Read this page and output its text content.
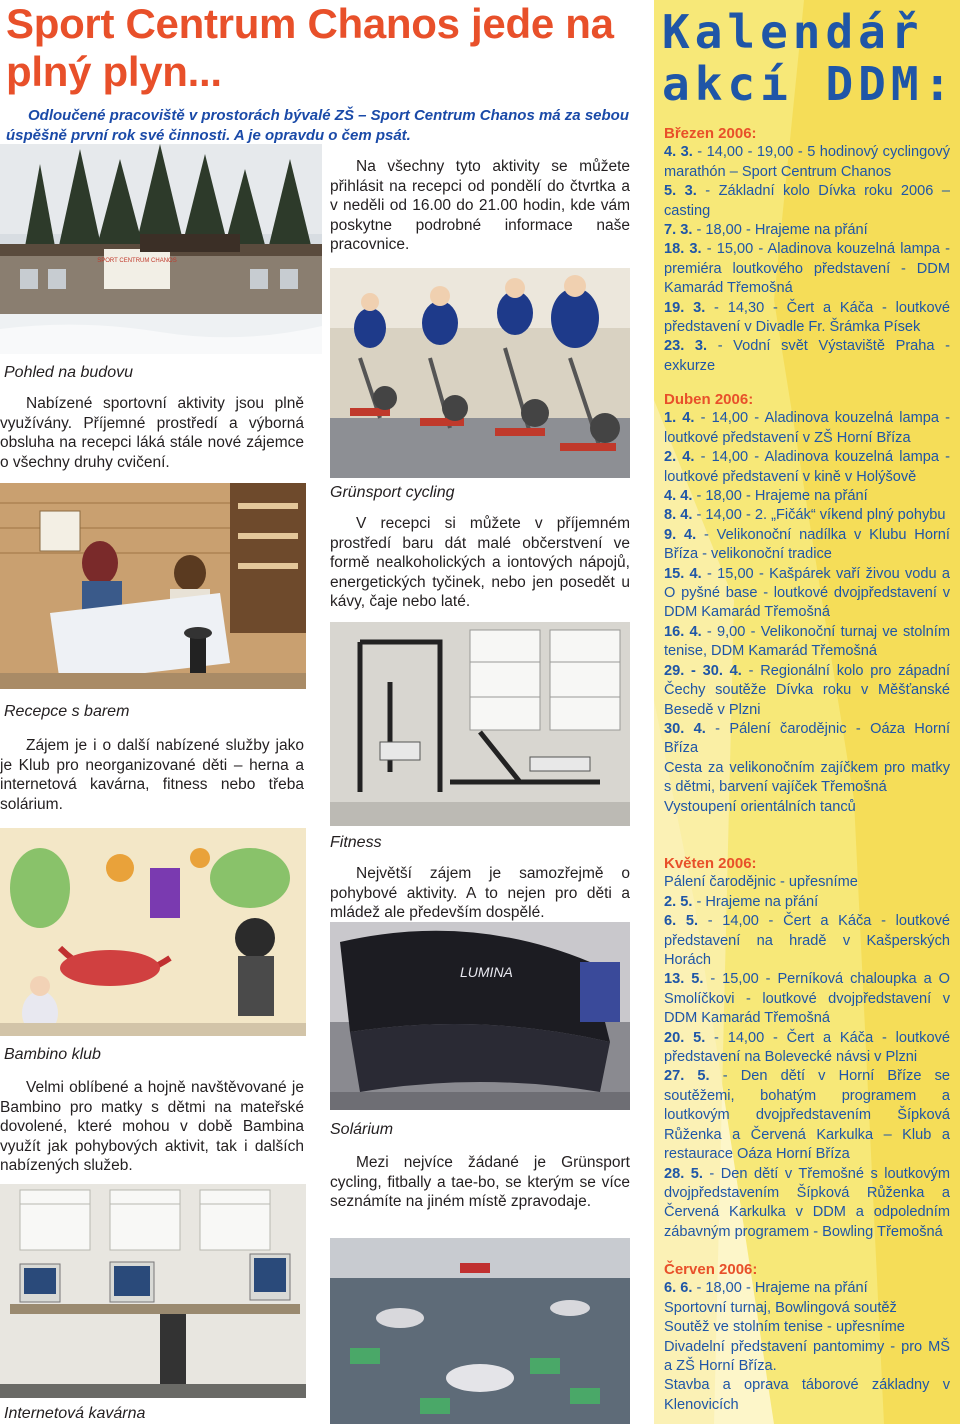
Sport Centrum Chanos jede na plný plyn...

Odloučené pracoviště v prostorách bývalé ZŠ – Sport Centrum Chanos má za sebou úspěšně první rok své činnosti. A je opravdu o čem psát.

SPORT CENTRUM CHANOS

Pohled na budovu

Nabízené sportovní aktivity jsou plně využívány. Příjemné prostředí a výborná obsluha na recepci láká stále nové zájemce o všechny druhy cvičení.

Recepce s barem

Zájem je i o další nabízené služby jako je Klub pro neorganizované děti – herna a internetová kavárna, fitness nebo třeba solárium.

Bambino klub

Velmi oblíbené a hojně navštěvované je Bambino pro matky s dětmi na mateřské dovolené, které mohou v době Bambina využít jak pohybových aktivit, tak i dalších nabízených služeb.

Internetová kavárna

Na všechny tyto aktivity se můžete přihlásit na recepci od pondělí do čtvrtka a v neděli od 16.00 do 21.00 hodin, kde vám poskytne podrobné informace naše pracovnice.

Grünsport cycling

V recepci si můžete v příjemném prostředí baru dát malé občerstvení ve formě nealkoholických a iontových nápojů, energetických tyčinek, nebo jen posedět u kávy, čaje nebo laté.

Fitness

Největší zájem je samozřejmě o pohybové aktivity. A to nejen pro děti a mládež ale především dospělé.

LUMINA

Solárium

Mezi nejvíce žádané je Grünsport cycling, fitbally a tae-bo, se kterým se více seznámíte na jiném místě zpravodaje.

Kalendář akcí DDM:

Březen 2006:

4. 3. - 14,00 - 19,00 - 5 hodinový cyclingový marathón – Sport Centrum Chanos

5. 3. - Základní kolo Dívka roku 2006 – casting

7. 3. - 18,00 - Hrajeme na přání

18. 3. - 15,00 - Aladinova kouzelná lampa - premiéra loutkového představení - DDM Kamarád Třemošná

19. 3. - 14,30 - Čert a Káča - loutkové představení v Divadle Fr. Šrámka Písek

23. 3. - Vodní svět Výstaviště Praha - exkurze

Duben 2006:

1. 4. - 14,00 - Aladinova kouzelná lampa - loutkové představení v ZŠ Horní Bříza

2. 4. - 14,00 - Aladinova kouzelná lampa - loutkové představení v kině v Holýšově

4. 4. - 18,00 - Hrajeme na přání

8. 4. - 14,00 - 2. „Fičák“ víkend plný pohybu

9. 4. - Velikonoční nadílka v Klubu Horní Bříza - velikonoční tradice

15. 4. - 15,00 - Kašpárek vaří živou vodu a O pyšné base - loutkové dvojpředstavení v DDM Kamarád Třemošná

16. 4. - 9,00 - Velikonoční turnaj ve stolním tenise, DDM Kamarád Třemošná

29. - 30. 4. - Regionální kolo pro západní Čechy soutěže Dívka roku v Měšťanské Besedě v Plzni

30. 4. - Pálení čarodějnic - Oáza Horní Bříza

Cesta za velikonočním zajíčkem pro matky s dětmi, barvení vajíček Třemošná

Vystoupení orientálních tanců

Květen 2006:

Pálení čarodějnic - upřesníme

2. 5. - Hrajeme na přání

6. 5. - 14,00 - Čert a Káča - loutkové představení na hradě v Kašperských Horách

13. 5. - 15,00 - Perníková chaloupka a O Smolíčkovi - loutkové dvojpředstavení v DDM Kamarád Třemošná

20. 5. - 14,00 - Čert a Káča - loutkové představení na Bolevecké návsi v Plzni

27. 5. - Den dětí v Horní Bříze se soutěžemi, bohatým programem a loutkovým dvojpředstavením Šípková Růženka a Červená Karkulka – Klub a restaurace Oáza Horní Bříza

28. 5. - Den dětí v Třemošné s loutkovým dvojpředstavením Šípková Růženka a Červená Karkulka v DDM a odpoledním zábavným programem - Bowling Třemošná

Červen 2006:

6. 6. - 18,00 - Hrajeme na přání

Sportovní turnaj, Bowlingová soutěž

Soutěž ve stolním tenise - upřesníme

Divadelní představení pantomimy - pro MŠ a ZŠ Horní Bříza.

Stavba a oprava táborové základny v Klenovicích
